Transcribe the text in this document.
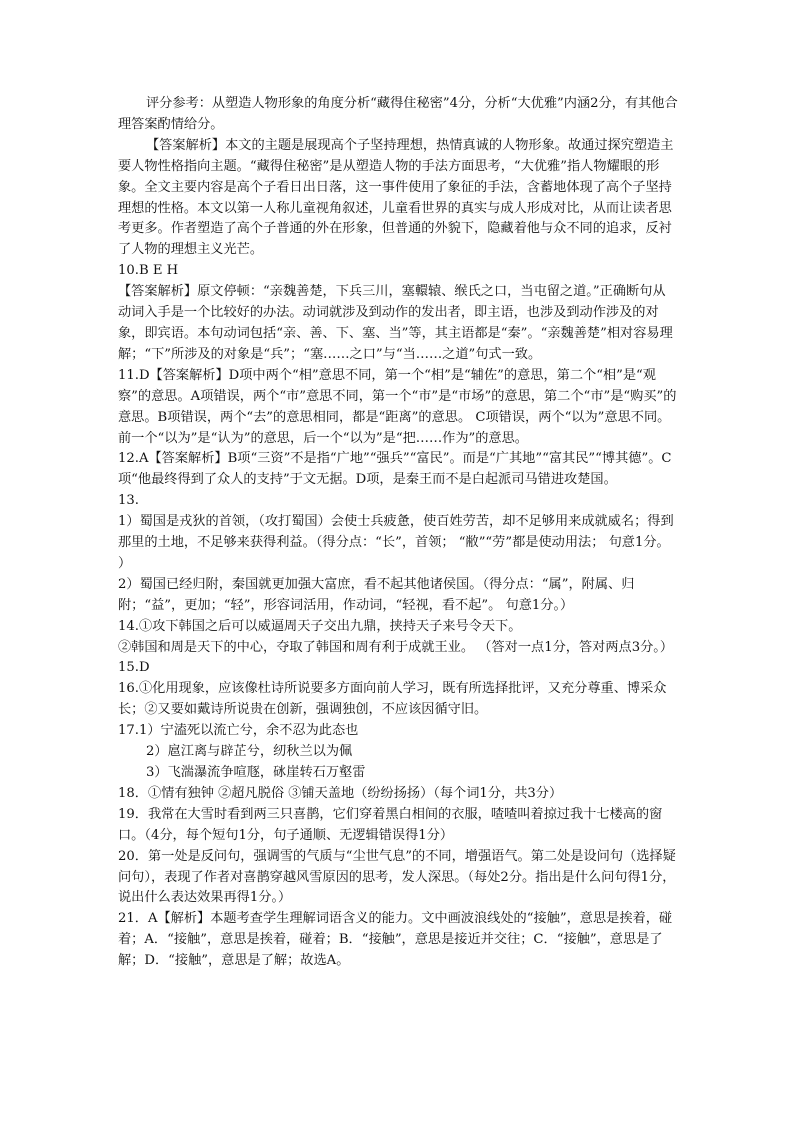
评分参考：从塑造人物形象的角度分析“藏得住秘密”4分，分析“大优雅”内涵2分，有其他合理答案酌情给分。

【答案解析】本文的主题是展现高个子坚持理想，热情真诚的人物形象。故通过探究塑造主要人物性格指向主题。“藏得住秘密”是从塑造人物的手法方面思考，“大优雅”指人物耀眼的形象。全文主要内容是高个子看日出日落，这一事件使用了象征的手法，含蓄地体现了高个子坚持理想的性格。本文以第一人称儿童视角叙述，儿童看世界的真实与成人形成对比，从而让读者思考更多。作者塑造了高个子普通的外在形象，但普通的外貌下，隐藏着他与众不同的追求，反衬了人物的理想主义光芒。

10.B E H

【答案解析】原文停顿：“亲魏善楚，下兵三川，塞轘辕、缑氏之口，当屯留之道。”正确断句从动词入手是一个比较好的办法。动词就涉及到动作的发出者，即主语，也涉及到动作涉及的对象，即宾语。本句动词包括“亲、善、下、塞、当”等，其主语都是“秦”。“亲魏善楚”相对容易理解；“下”所涉及的对象是“兵”；“塞……之口”与“当……之道”句式一致。

11.D【答案解析】D项中两个“相”意思不同，第一个“相”是“辅佐”的意思，第二个“相”是“观察”的意思。A项错误，两个“市”意思不同，第一个“市”是“市场”的意思，第二个“市”是“购买”的意思。B项错误，两个“去”的意思相同，都是“距离”的意思。 C项错误，两个“以为”意思不同。前一个“以为”是“认为”的意思，后一个“以为”是“把……作为”的意思。

12.A【答案解析】B项“三资”不是指“广地”“强兵”“富民”。而是“广其地”“富其民”“博其德”。C项“他最终得到了众人的支持”于文无据。D项，是秦王而不是白起派司马错进攻楚国。

13.

1）蜀国是戎狄的首领，（攻打蜀国）会使士兵疲惫，使百姓劳苦，却不足够用来成就威名；得到那里的土地，不足够来获得利益。（得分点：“长”，首领； “敝”“劳”都是使动用法； 句意1分。 ）

2）蜀国已经归附，秦国就更加强大富庶，看不起其他诸侯国。（得分点：“属”，附属、归附；“益”，更加；“轻”，形容词活用，作动词，“轻视，看不起”。 句意1分。）

14.①攻下韩国之后可以威逼周天子交出九鼎，挟持天子来号令天下。

②韩国和周是天下的中心，夺取了韩国和周有利于成就王业。 （答对一点1分，答对两点3分。）

15.D

16.①化用现象，应该像杜诗所说要多方面向前人学习，既有所选择批评，又充分尊重、博采众长；②又要如戴诗所说贵在创新，强调独创，不应该因循守旧。

17.1）宁溘死以流亡兮，余不忍为此态也

2）扈江离与辟芷兮，纫秋兰以为佩

3）飞湍瀑流争喧豗，砯崖转石万壑雷

18．①情有独钟 ②超凡脱俗 ③铺天盖地（纷纷扬扬）（每个词1分，共3分）

19．我常在大雪时看到两三只喜鹊，它们穿着黑白相间的衣服，喳喳叫着掠过我十七楼高的窗口。（4分，每个短句1分，句子通顺、无逻辑错误得1分）

20．第一处是反问句，强调雪的气质与“尘世气息”的不同，增强语气。第二处是设问句（选择疑问句），表现了作者对喜鹊穿越风雪原因的思考，发人深思。（每处2分。指出是什么问句得1分，说出什么表达效果再得1分。）

21．A【解析】本题考查学生理解词语含义的能力。文中画波浪线处的“接触”，意思是挨着，碰着；A．“接触”，意思是挨着，碰着；B．“接触”，意思是接近并交往；C．“接触”，意思是了解；D．“接触”，意思是了解；故选A。
